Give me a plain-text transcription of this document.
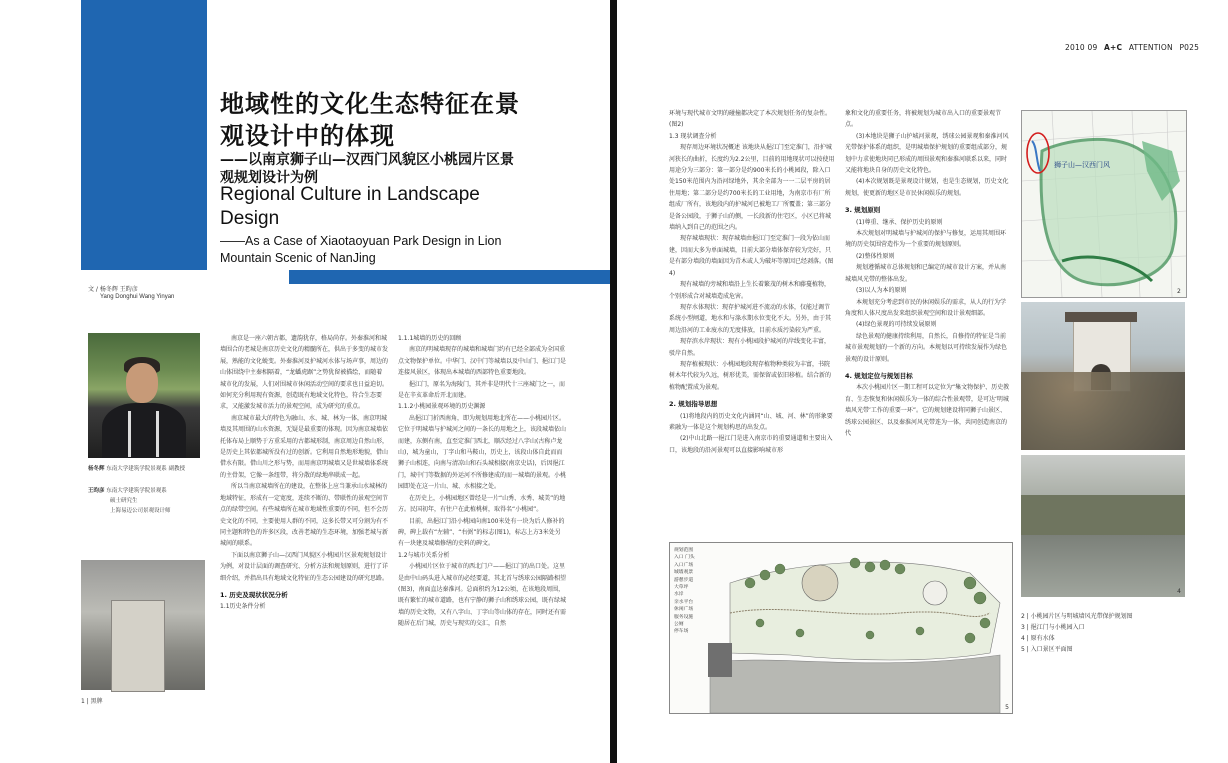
地域性的文化生态特征在景
观设计中的体现
——以南京狮子山—汉西门风貌区小桃园片区景
观规划设计为例
Regional Culture in Landscape
Design
——As a Case of Xiaotaoyuan Park Design in Lion
Mountain Scenic of NanJing
文 / 杨冬辉 王昀彦
Yang Donghui Wang Yinyan
杨冬辉 东南大学建筑学院景观系 副教授
王昀彦 东南大学建筑学院景观系
硕士研究生
上海易迈公司景观设计师
1 | 黑牌

南京是一座六朝古都，遗韵犹存，格局尚存。外秦淮河和城墙围合的老城是南京历史文化的精髓所在，供出于多变的城市发展，熟能的文化蜕变。外秦淮河及护城河水体与场声事，周边的山体围绕中主秦相隔着，“龙蟠虎踞”之势犹留被描绘，而随着城市化的发展，人们对围城市休闲活动空间的要求也日益迫切。如何充分利用现有资源，创造既有地域文化特色，符合生态要求，又能激发城市活力的景观空间，成为研究的重点。

南京城市最大的特色为融山、水、城、林为一体，南京明城墙及其周围的山水资源，无疑是最重要的体现。因为南京城墙依托体布局上顺势于方重采用的古都城形制，南京周边自然山形，是历史上其依都城所没有过的创新。它利用自然地形地貌，借山借水有限。借山川之形与势，而用南京明城墙又是世城墙体系统的主骨架，它像一条纽带，将分散的绿地串联成一起。

所以当南京城墙所在的建设，在整体上应当兼承山水城林的地域特征，形成有一定宽度，连续不断的、带联性的景观空间节点的绿带空间。有些城墙所在城市地域性重要的不同，但不会历史文化的不同，主要使用人群的不同，这多长带又可分割为有不同主题和特色的许多区段，改善老城的生态环境，加强老城与新城间的联系。

下面以南京狮子山—汉西门风貌区小桃园片区景观规划设计为例，对设计层面的调查研究、分析方法和规划原则，进行了详细介绍，并指出具有地域文化特征的生态公园建设的研究思路。

1. 历史及现状状况分析
1.1历史条件分析
1.1.1城墙的历史的回顾

南京的明城墙现存的城墙和城墙门约有已经全部成为全国重点文物保护单位。中华门、汉中门等城墙以及中山门、挹江门是连接风景区，体现出本城墙的西部特色重要地段。

挹江门，原名为海陵门，其并非是明代十三座城门之一，而是在辛亥革命后开北而建。

1.1.2小桃园景观环境的历史渊源

出挹江门折西南角，即为规划用地北所在——小桃园片区。它位于明城墙与护城河之间的一条长的用地之上，该段城墙依山而建，东侧有南，直至定淮门西北，顺次经过八字山(古称卢龙山)，城为童山，丁字山和马鞍山，历史上，该段山体自此而而狮子山相连，向南与清凉山和石头城相接(南京史话)，后因挹江门，城中门等数据的外运河不所修建成的而一城墙的景观。小桃园即处在这一片山、城、水相接之处。

在历史上，小桃园地区曾经是一片“山秀、水秀、城美”的地方。民国初年，有往户在此植桃树，取得名“小桃园”。

目前，出挹江门沿小桃园向南100米处有一块为后人修补的碑，碑上载有“左辅”、“右弼”的标志(图1)，标志上方3米处另有一块建及城墙修缮的史料的碑文。

1.2与城市关系分析

小桃园片区位于城市的西北门户——挹江门的出口处。这里是由中山码头进入城市的必经要道，其北首与绣球公园隔路相望(图3)，南面直达秦淮河。总面积约为12公顷，在该地段周围，既有繁忙的城市道路，也有宁静的狮子山和绣球公园，既有绿城墙的历史文物，又有八字山、丁字山等山体的存在，同时还有需随居在后门城，历史与现实的交汇，自然

2010 09 A+C ATTENTION P025

环境与现代城市文明的碰撞都决定了本次规划任务的复杂性。(图2)

1.3 现状调查分析

现存周边环境状况概述 该地块从挹江门至定淮门，沿护城河狭长的曲折，长度约为2.2公里，目前的用地现状可以按使用用途分为三部分：第一部分是约900米长的小桃园段，除入口处150米范围内为沿河绿地外，其余全部为一一二层平房的居住用地；第二部分是约700米长的工业用地，为南京市有厂所组成厂所有，该地段内的护城河已被地工厂所覆盖；第三部分是备公园段，于狮子山的侧，一长段新的住宅区，小区已将城墙纳入到自己的范围之内。

现存城墙现状：现存城墙由挹江门至定淮门一段为依山而建，因而大多为单面城墙，目前大部分墙体保存较为完好，只是有部分墙段的墙面因为青木或人为破坏等原因已经剥落。(图4)

现有城墙的旁城和墙沿上生长着繁茂的树木和藤蔓植物，个别形成合对城墙造成危害。

现存水体现状：现存护城河进不流动的水体，仅能过调节系统小型闸道，地水和与涤水期水位变化不大。另外，由于其周边沿河的工业废水的无度排放，目前水质污染较为严重。

现存滨水岸现状：现有小桃园段护城河的岸线变化丰富，驳岸自然。

现存植被现状：小桃园地段现存植物种类较为丰富，书院树木年代较为久远，树形优美，需保留或依旧移植。结合新的植物配置成为景观。

2. 规划指导思想

(1)将地段内的历史文化内涵同“山、城、河、林”的形象要素融为一体是这个规划构思的出发点。

(2)中山北路一挹江门是进入南京市的重要通道和主要出入口，该地段的沿河景观可以直接影响城市形

象和文化的重要任务，将被规划为城市出入口的重要景观节点。

(3)本地块是狮子山护城河景观，绣球公园景观和秦淮河风光带保护体系的组织，是明城墙保护规划的重要组成部分，规划中力求使地块同已形成的周围景观和秦淮河联系以来，同时又能将地块自身的历史文化特色。

(4)本次规划既是景观设计规划，也是生态规划，历史文化规划，使更新的地区是市民休闲娱乐的规划。

3. 规划原则

(1)尊重、继承、保护历史的原则

本次规划对明城墙与护城河的保护与修复，运用其周围环境的历史氛围营造作为一个重要的规划原则。

(2)整体性原则

规划遵循城市总体规划和已编定的城市设计方案，并从南城墙风光带的整体出发。

(3)以人为本的原则

本规划充分考虑到市民的休闲娱乐的需求，从人的行为学角度和人体尺度出发来组织景观空间和设计景观细部。

(4)绿色景观的可持续发展原则

绿色景观的健康持续利用，自然长，自修持的特征是当前城市景观规划的一个新的方向。本规划以可持续发展作为绿色景观的设计原则。

4. 规划定位与规划目标

本次小桃园片区一期工程可以定位为“集文物保护、历史教育、生态恢复和休闲娱乐为一体的综合性景观带，是可达‘明城墙风光带’工作的重要一环”。它的规划建设将同狮子山景区、绣球公园景区、以及秦淮河风光带连为一体，共同创造南京的代

狮子山—汉西门风
2
4
2 | 小桃园片区与明城墙风光带保护规划图
3 | 挹江门与小桃园入口
4 | 原有水体
5 | 入口景区平面图
规划范围
入口 门头
入口广场
城墙观景
游憩步道
大草坪
水岸
亲水平台
休闲广场
服务设施
公厕
停车场
5
